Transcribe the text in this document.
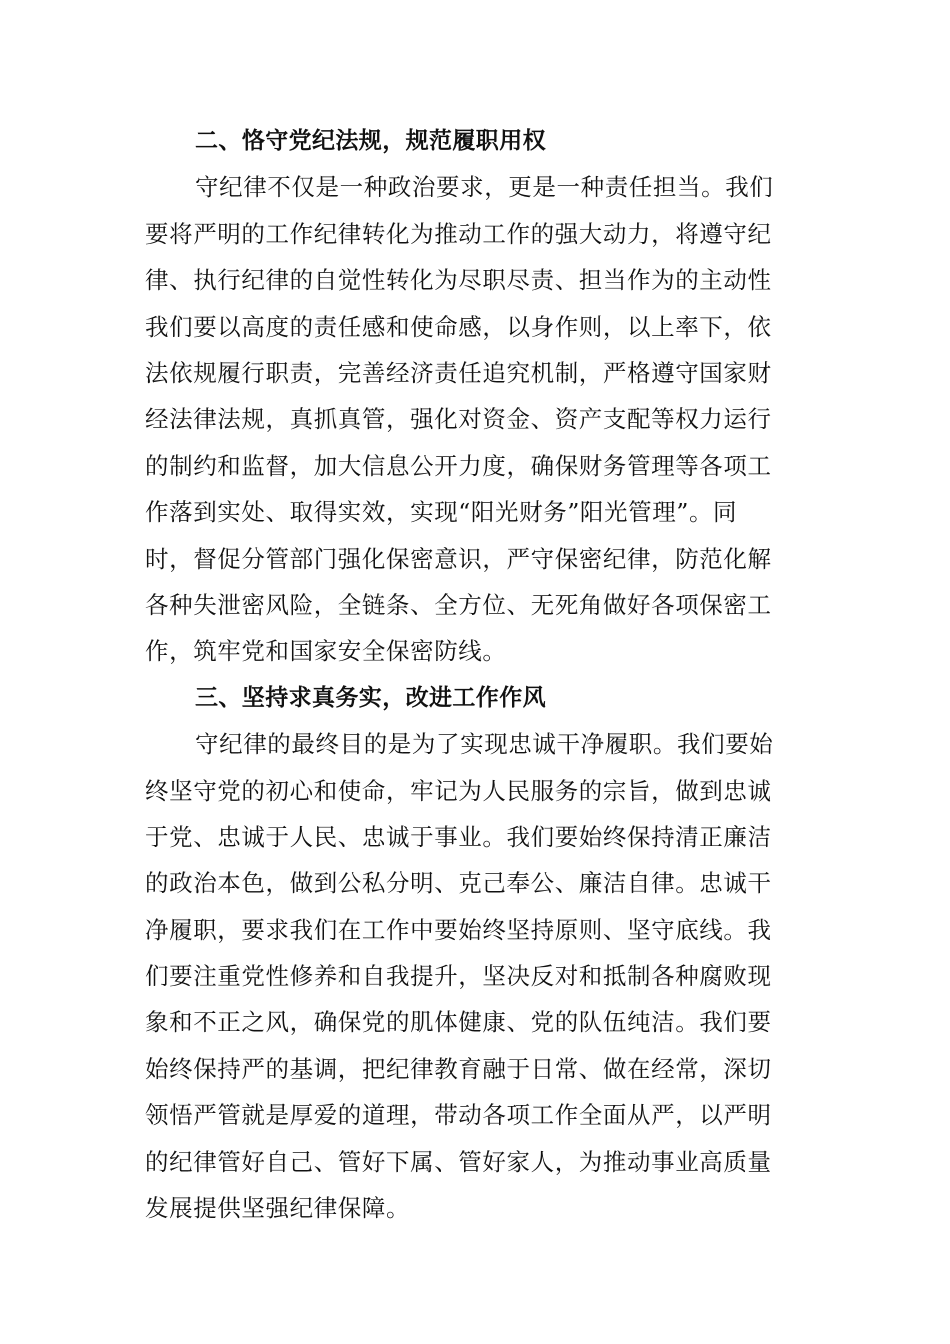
二、恪守党纪法规，规范履职用权
守纪律不仅是一种政治要求，更是一种责任担当。我们
要将严明的工作纪律转化为推动工作的强大动力，将遵守纪
律、执行纪律的自觉性转化为尽职尽责、担当作为的主动性
我们要以高度的责任感和使命感，以身作则，以上率下，依
法依规履行职责，完善经济责任追究机制，严格遵守国家财
经法律法规，真抓真管，强化对资金、资产支配等权力运行
的制约和监督，加大信息公开力度，确保财务管理等各项工
作落到实处、取得实效，实现“阳光财务”阳光管理”。同
时，督促分管部门强化保密意识，严守保密纪律，防范化解
各种失泄密风险，全链条、全方位、无死角做好各项保密工
作，筑牢党和国家安全保密防线。
三、坚持求真务实，改进工作作风
守纪律的最终目的是为了实现忠诚干净履职。我们要始
终坚守党的初心和使命，牢记为人民服务的宗旨，做到忠诚
于党、忠诚于人民、忠诚于事业。我们要始终保持清正廉洁
的政治本色，做到公私分明、克己奉公、廉洁自律。忠诚干
净履职，要求我们在工作中要始终坚持原则、坚守底线。我
们要注重党性修养和自我提升，坚决反对和抵制各种腐败现
象和不正之风，确保党的肌体健康、党的队伍纯洁。我们要
始终保持严的基调，把纪律教育融于日常、做在经常，深切
领悟严管就是厚爱的道理，带动各项工作全面从严，以严明
的纪律管好自己、管好下属、管好家人，为推动事业高质量
发展提供坚强纪律保障。
